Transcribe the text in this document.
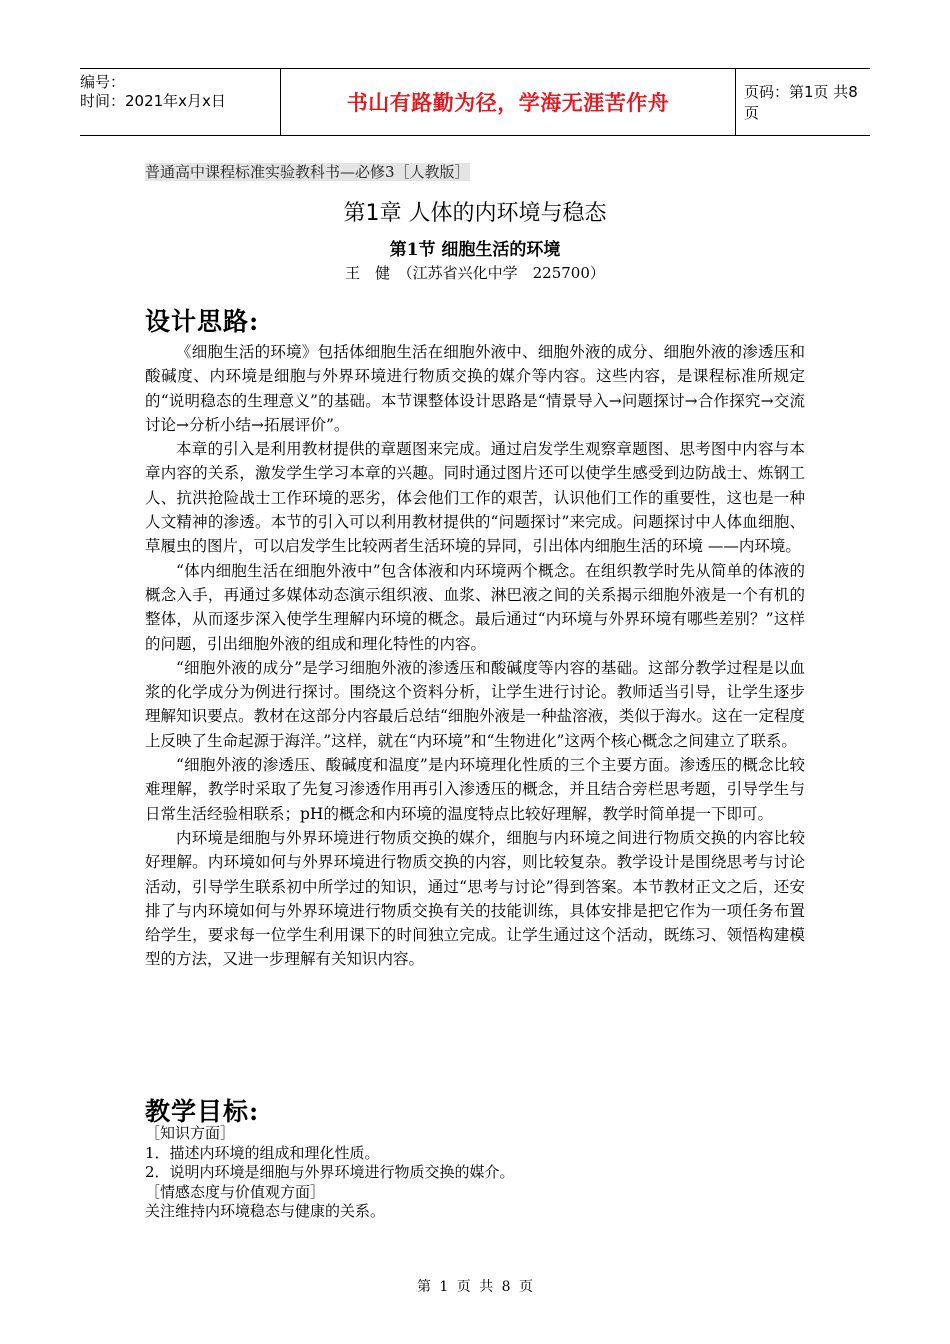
编号：
时间：2021年x月x日	书山有路勤为径，学海无涯苦作舟	页码：第1页 共8页
普通高中课程标准实验教科书—必修3［人教版］
第1章 人体的内环境与稳态
第1节 细胞生活的环境
王　健　（江苏省兴化中学　225700）
设计思路:

《细胞生活的环境》包括体细胞生活在细胞外液中、细胞外液的成分、细胞外液的渗透压和酸碱度、内环境是细胞与外界环境进行物质交换的媒介等内容。这些内容，是课程标准所规定的“说明稳态的生理意义”的基础。本节课整体设计思路是“情景导入→问题探讨→合作探究→交流讨论→分析小结→拓展评价”。

本章的引入是利用教材提供的章题图来完成。通过启发学生观察章题图、思考图中内容与本章内容的关系，激发学生学习本章的兴趣。同时通过图片还可以使学生感受到边防战士、炼钢工人、抗洪抢险战士工作环境的恶劣，体会他们工作的艰苦，认识他们工作的重要性，这也是一种人文精神的渗透。本节的引入可以利用教材提供的“问题探讨”来完成。问题探讨中人体血细胞、草履虫的图片，可以启发学生比较两者生活环境的异同，引出体内细胞生活的环境 ——内环境。

“体内细胞生活在细胞外液中”包含体液和内环境两个概念。在组织教学时先从简单的体液的概念入手，再通过多媒体动态演示组织液、血浆、淋巴液之间的关系揭示细胞外液是一个有机的整体，从而逐步深入使学生理解内环境的概念。最后通过“内环境与外界环境有哪些差别？”这样的问题，引出细胞外液的组成和理化特性的内容。

“细胞外液的成分”是学习细胞外液的渗透压和酸碱度等内容的基础。这部分教学过程是以血浆的化学成分为例进行探讨。围绕这个资料分析，让学生进行讨论。教师适当引导，让学生逐步理解知识要点。教材在这部分内容最后总结“细胞外液是一种盐溶液，类似于海水。这在一定程度上反映了生命起源于海洋。”这样，就在“内环境”和“生物进化”这两个核心概念之间建立了联系。

“细胞外液的渗透压、酸碱度和温度”是内环境理化性质的三个主要方面。渗透压的概念比较难理解，教学时采取了先复习渗透作用再引入渗透压的概念，并且结合旁栏思考题，引导学生与日常生活经验相联系；pH的概念和内环境的温度特点比较好理解，教学时简单提一下即可。

内环境是细胞与外界环境进行物质交换的媒介，细胞与内环境之间进行物质交换的内容比较好理解。内环境如何与外界环境进行物质交换的内容，则比较复杂。教学设计是围绕思考与讨论活动，引导学生联系初中所学过的知识，通过“思考与讨论”得到答案。本节教材正文之后，还安排了与内环境如何与外界环境进行物质交换有关的技能训练，具体安排是把它作为一项任务布置给学生，要求每一位学生利用课下的时间独立完成。让学生通过这个活动，既练习、领悟构建模型的方法，又进一步理解有关知识内容。

教学目标:
［知识方面］
1．描述内环境的组成和理化性质。
2．说明内环境是细胞与外界环境进行物质交换的媒介。
［情感态度与价值观方面］
关注维持内环境稳态与健康的关系。
第 1 页 共 8 页
